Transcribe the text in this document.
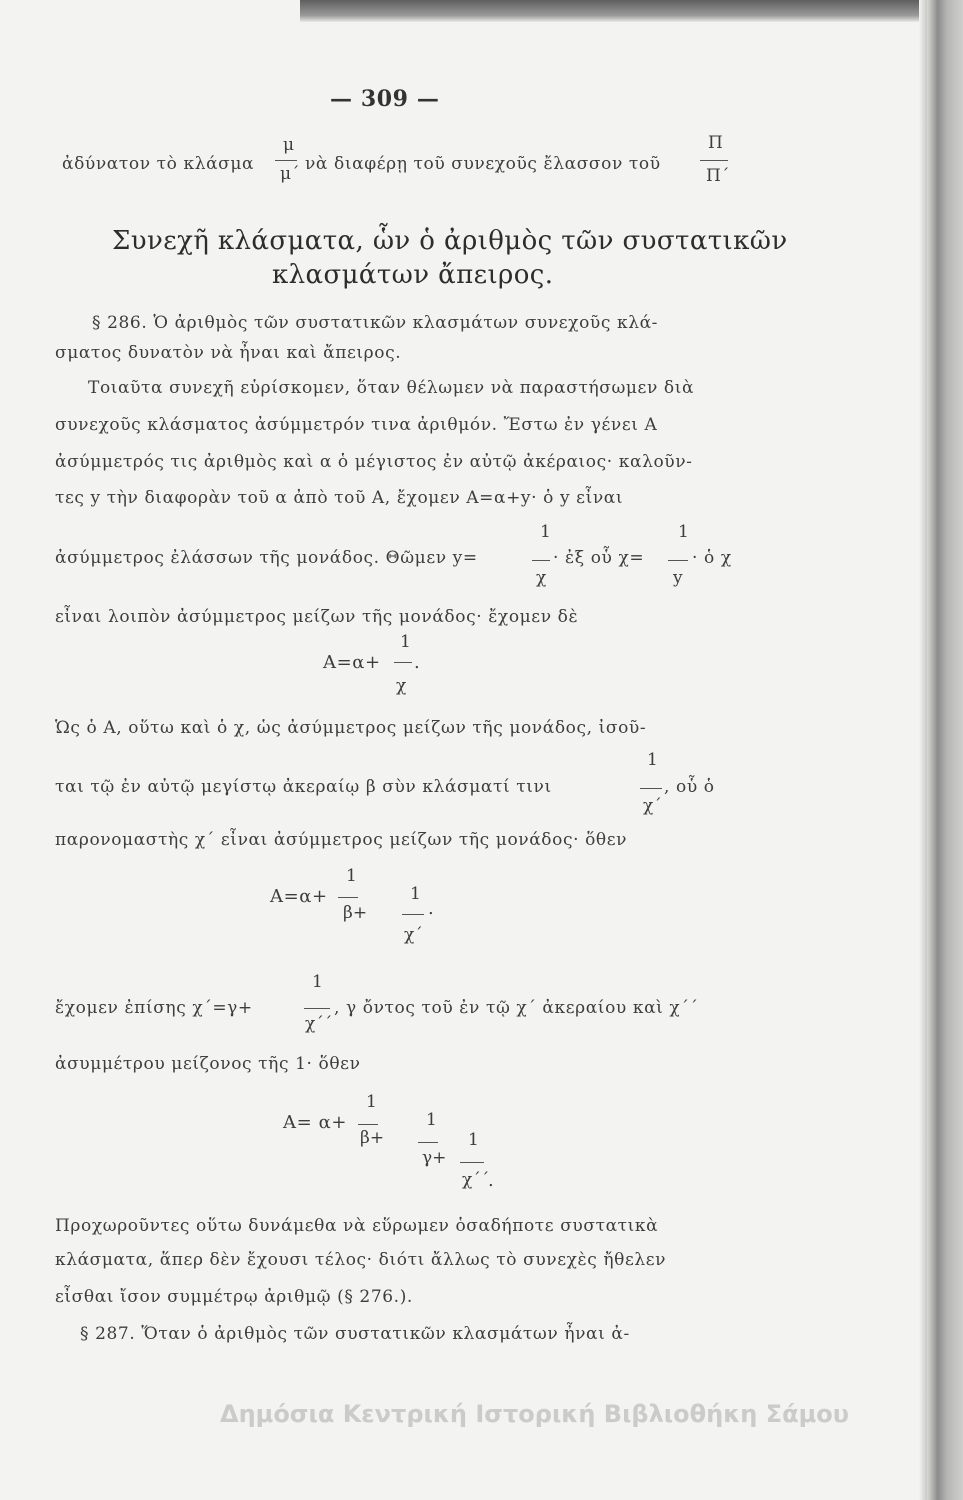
— 309 —
ἀδύνατον τὸ κλάσμα
μ
μ´ νὰ διαφέρῃ τοῦ συνεχοῦς ἔλασσον τοῦ
Π
Π´
Συνεχῆ κλάσματα, ὧν ὁ ἀριθμὸς τῶν συστατικῶν
κλασμάτων ἄπειρος.
§ 286. Ὁ ἀριθμὸς τῶν συστατικῶν κλασμάτων συνεχοῦς κλά-
σματος δυνατὸν νὰ ἦναι καὶ ἄπειρος.
Τοιαῦτα συνεχῆ εὑρίσκομεν, ὅταν θέλωμεν νὰ παραστήσωμεν διὰ
συνεχοῦς κλάσματος ἀσύμμετρόν τινα ἀριθμόν. Ἔστω ἐν γένει Α
ἀσύμμετρός τις ἀριθμὸς καὶ α ὁ μέγιστος ἐν αὐτῷ ἀκέραιος· καλοῦν-
τες y τὴν διαφορὰν τοῦ α ἀπὸ τοῦ Α, ἔχομεν Α=α+y· ὁ y εἶναι
ἀσύμμετρος ἐλάσσων τῆς μονάδος. Θῶμεν y=
1
χ
· ἐξ οὗ χ=
1
y
· ὁ χ
εἶναι λοιπὸν ἀσύμμετρος μείζων τῆς μονάδος· ἔχομεν δὲ
Α=α+
1
χ
.
Ὡς ὁ Α, οὕτω καὶ ὁ χ, ὡς ἀσύμμετρος μείζων τῆς μονάδος, ἰσοῦ-
ται τῷ ἐν αὐτῷ μεγίστῳ ἀκεραίῳ β σὺν κλάσματί τινι
1
χ´
, οὗ ὁ
παρονομαστὴς χ´ εἶναι ἀσύμμετρος μείζων τῆς μονάδος· ὅθεν
Α=α+
1
β+
1
χ´
.
ἔχομεν ἐπίσης χ´=γ+
1
χ´´
, γ ὄντος τοῦ ἐν τῷ χ´ ἀκεραίου καὶ χ´´
ἀσυμμέτρου μείζονος τῆς 1· ὅθεν
Α= α+
1
β+
1
γ+
1
χ´´
.
Προχωροῦντες οὕτω δυνάμεθα νὰ εὕρωμεν ὁσαδήποτε συστατικὰ
κλάσματα, ἅπερ δὲν ἔχουσι τέλος· διότι ἄλλως τὸ συνεχὲς ἤθελεν
εἶσθαι ἴσον συμμέτρῳ ἀριθμῷ (§ 276.).
§ 287. Ὅταν ὁ ἀριθμὸς τῶν συστατικῶν κλασμάτων ἦναι ἀ-
Δημόσια Κεντρική Ιστορική Βιβλιοθήκη Σάμου
